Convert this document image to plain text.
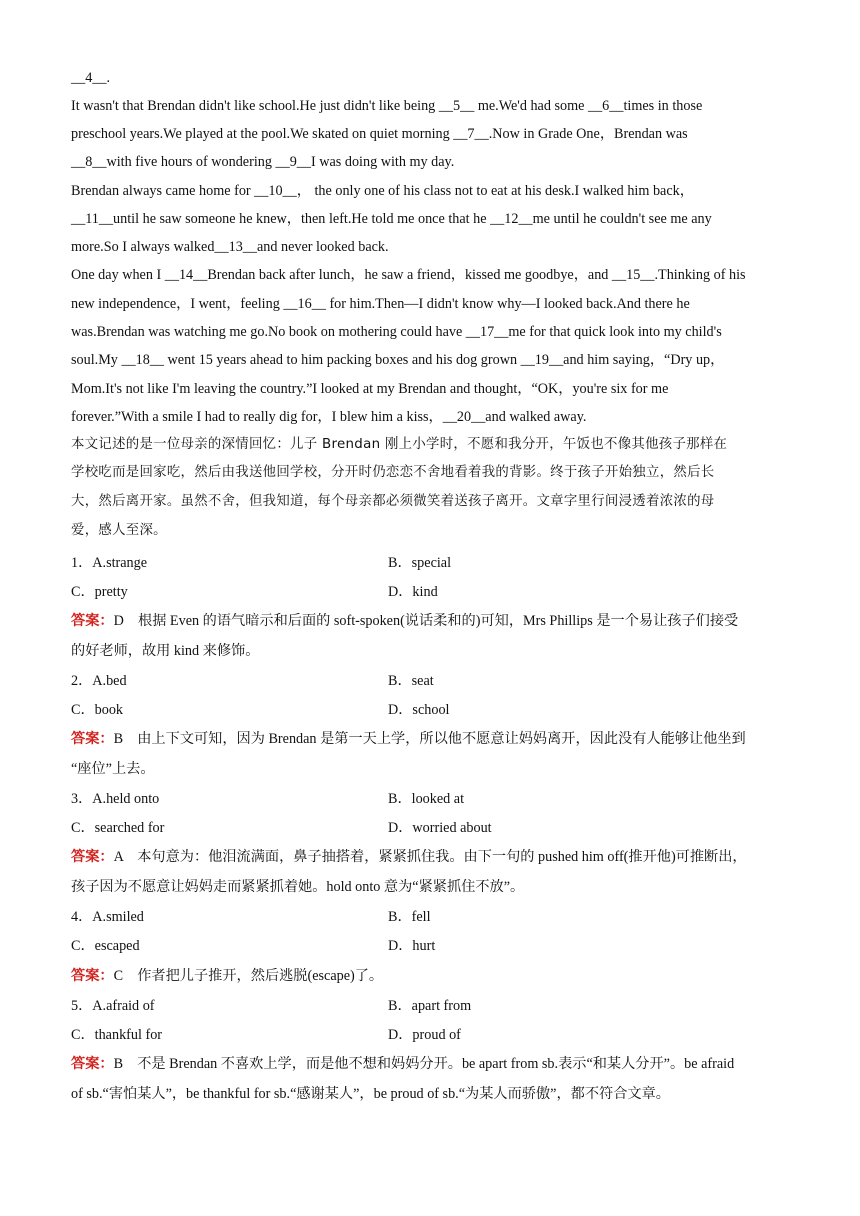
__4__.
It wasn't that Brendan didn't like school.He just didn't like being __5__ me.We'd had some __6__times in those
preschool years.We played at the pool.We skated on quiet morning __7__.Now in Grade One，Brendan was
__8__with five hours of wondering __9__I was doing with my day.
Brendan always came home for __10__， the only one of his class not to eat at his desk.I walked him back，
__11__until he saw someone he knew，then left.He told me once that he __12__me until he couldn't see me any
more.So I always walked__13__and never looked back.
One day when I __14__Brendan back after lunch，he saw a friend，kissed me goodbye，and __15__.Thinking of his
new independence，I went，feeling __16__ for him.Then—I didn't know why—I looked back.And there he
was.Brendan was watching me go.No book on mothering could have __17__me for that quick look into my child's
soul.My __18__ went 15 years ahead to him packing boxes and his dog grown __19__and him saying，“Dry up，
Mom.It's not like I'm leaving the country.”I looked at my Brendan and thought，“OK，you're six for me
forever.”With a smile I had to really dig for，I blew him a kiss，__20__and walked away.
本文记述的是一位母亲的深情回忆：儿子 Brendan 刚上小学时，不愿和我分开，午饭也不像其他孩子那样在
学校吃而是回家吃，然后由我送他回学校，分开时仍恋恋不舍地看着我的背影。终于孩子开始独立，然后长
大，然后离开家。虽然不舍，但我知道，每个母亲都必须微笑着送孩子离开。文章字里行间浸透着浓浓的母
爱，感人至深。
1．A.strange	B．special
C．pretty	D．kind
答案：D　根据 Even 的语气暗示和后面的 soft-spoken(说话柔和的)可知，Mrs Phillips 是一个易让孩子们接受
的好老师，故用 kind 来修饰。
2．A.bed	B．seat
C．book	D．school
答案：B　由上下文可知，因为 Brendan 是第一天上学，所以他不愿意让妈妈离开，因此没有人能够让他坐到
“座位”上去。
3．A.held onto	B．looked at
C．searched for	D．worried about
答案：A　本句意为：他泪流满面，鼻子抽搭着，紧紧抓住我。由下一句的 pushed him off(推开他)可推断出，
孩子因为不愿意让妈妈走而紧紧抓着她。hold onto 意为“紧紧抓住不放”。
4．A.smiled	B．fell
C．escaped	D．hurt
答案：C　作者把儿子推开，然后逃脱(escape)了。
5．A.afraid of	B．apart from
C．thankful for	D．proud of
答案：B　不是 Brendan 不喜欢上学，而是他不想和妈妈分开。be apart from sb.表示“和某人分开”。be afraid
of sb.“害怕某人”，be thankful for sb.“感谢某人”，be proud of sb.“为某人而骄傲”，都不符合文章。
